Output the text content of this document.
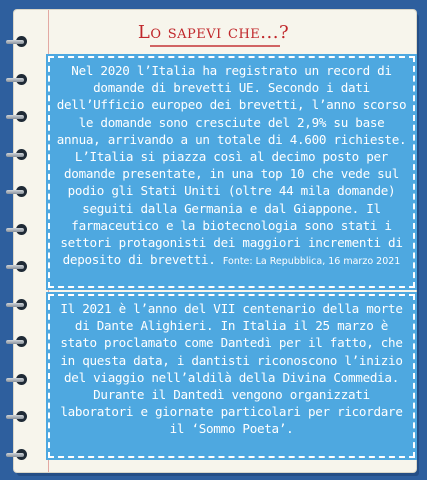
Lo sapevi che...?

Nel 2020 l’Italia ha registrato un record di domande di brevetti UE. Secondo i dati dell’Ufficio europeo dei brevetti, l’anno scorso le domande sono cresciute del 2,9% su base annua, arrivando a un totale di 4.600 richieste. L’Italia si piazza così al decimo posto per domande presentate, in una top 10 che vede sul podio gli Stati Uniti (oltre 44 mila domande) seguiti dalla Germania e dal Giappone. Il farmaceutico e la biotecnologia sono stati i settori protagonisti dei maggiori incrementi di deposito di brevetti. Fonte: La Repubblica, 16 marzo 2021

Il 2021 è l’anno del VII centenario della morte di Dante Alighieri. In Italia il 25 marzo è stato proclamato come Dantedì per il fatto, che in questa data, i dantisti riconoscono l’inizio del viaggio nell’aldilà della Divina Commedia. Durante il Dantedì vengono organizzati laboratori e giornate particolari per ricordare il ‘Sommo Poeta’.
